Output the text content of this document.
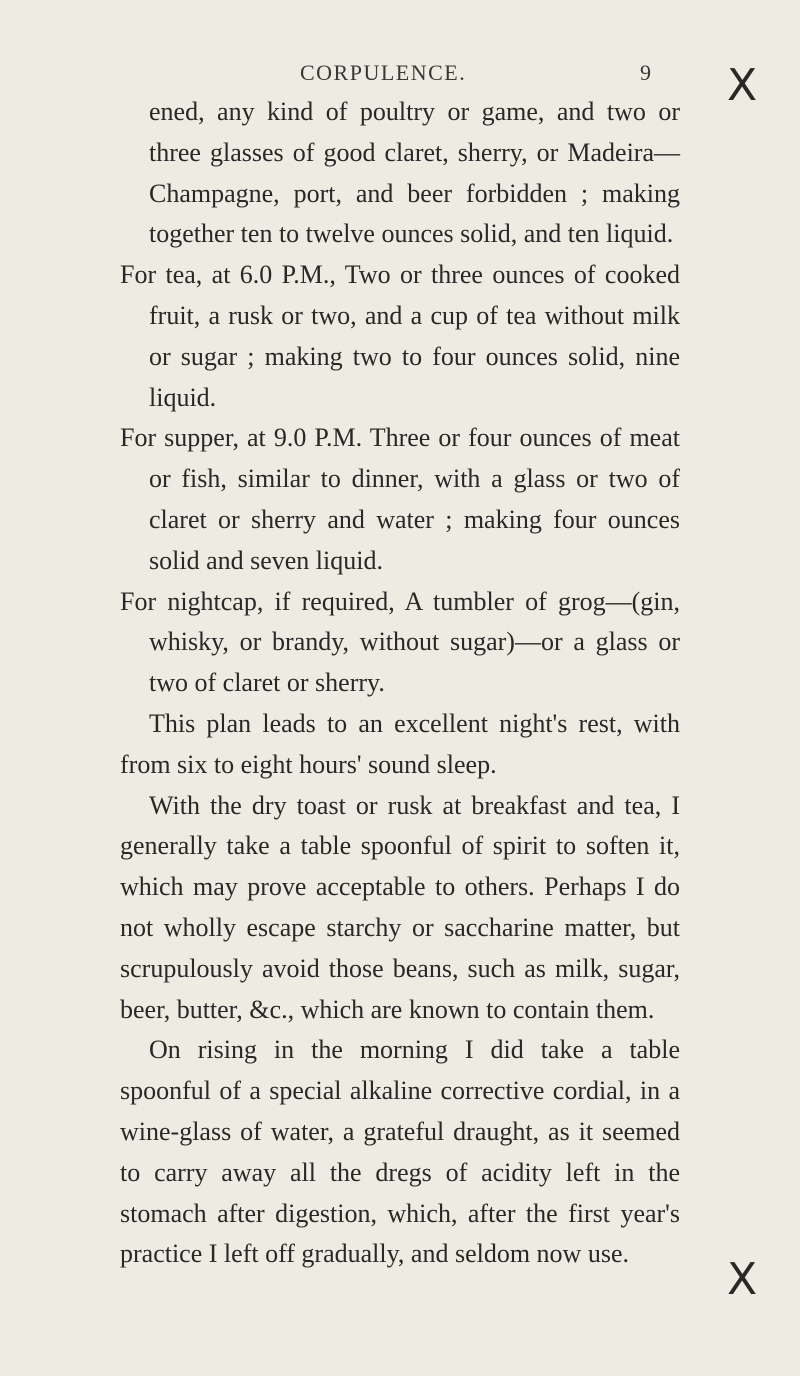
CORPULENCE.	9 X

ened, any kind of poultry or game, and two or three glasses of good claret, sherry, or Madeira— Champagne, port, and beer forbidden ; making together ten to twelve ounces solid, and ten liquid.

For tea, at 6.0 P.M., Two or three ounces of cooked fruit, a rusk or two, and a cup of tea without milk or sugar ; making two to four ounces solid, nine liquid.

For supper, at 9.0 P.M. Three or four ounces of meat or fish, similar to dinner, with a glass or two of claret or sherry and water ; making four ounces solid and seven liquid.

For nightcap, if required, A tumbler of grog—(gin, whisky, or brandy, without sugar)—or a glass or two of claret or sherry.

This plan leads to an excellent night's rest, with from six to eight hours' sound sleep.

With the dry toast or rusk at breakfast and tea, I generally take a table spoonful of spirit to soften it, which may prove acceptable to others. Perhaps I do not wholly escape starchy or saccharine matter, but scrupulously avoid those beans, such as milk, sugar, beer, butter, &c., which are known to contain them.

On rising in the morning I did take a table spoonful of a special alkaline corrective cordial, in a wine-glass of water, a grateful draught, as it seemed to carry away all the dregs of acidity left in the stomach after digestion, which, after the first year's practice I left off gradually, and seldom now use.

X
